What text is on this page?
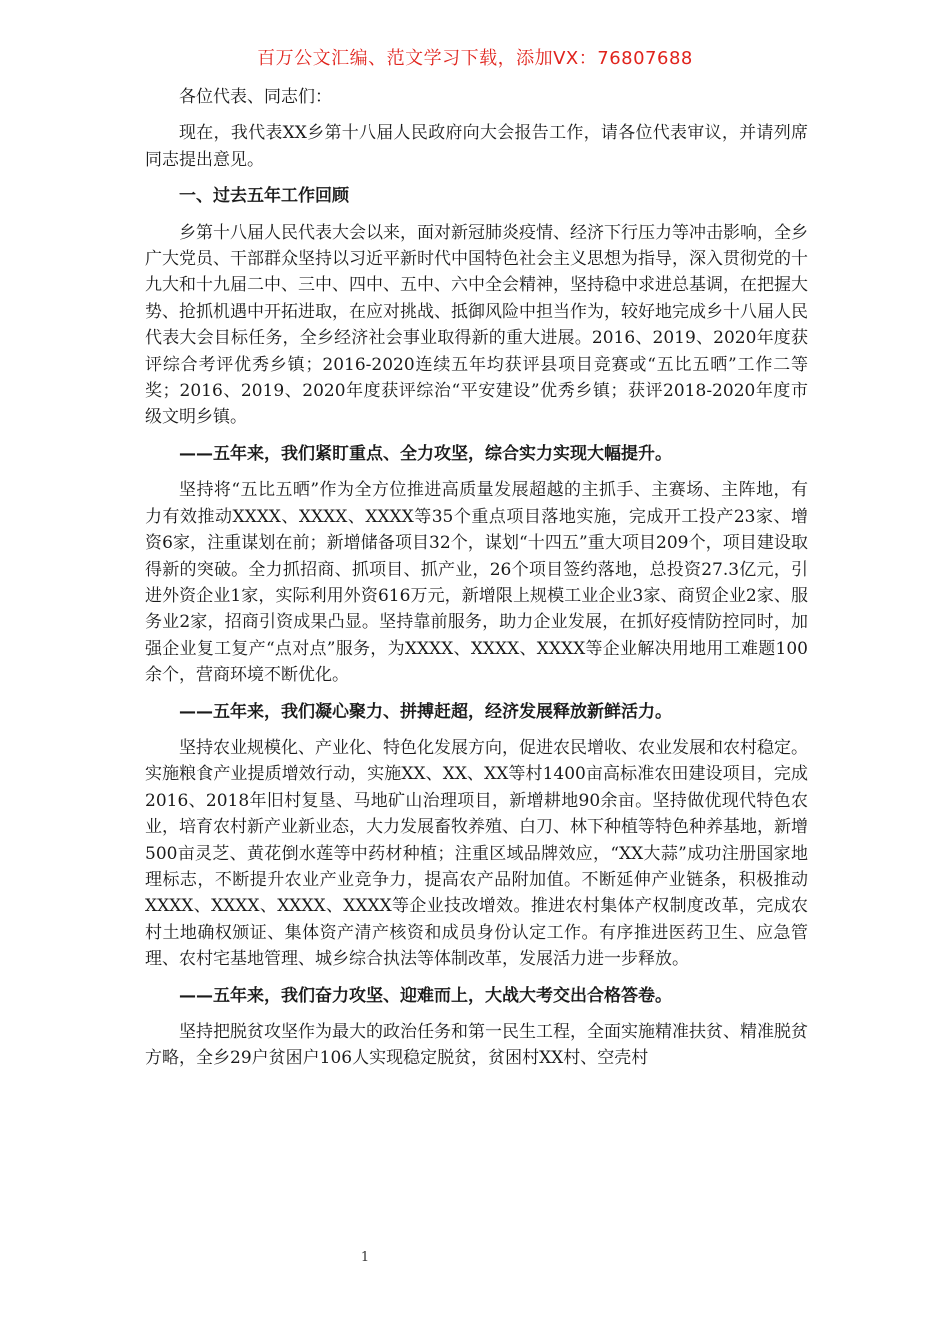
百万公文汇编、范文学习下载，添加VX：76807688

各位代表、同志们：

现在，我代表XX乡第十八届人民政府向大会报告工作，请各位代表审议，并请列席同志提出意见。

一、过去五年工作回顾

乡第十八届人民代表大会以来，面对新冠肺炎疫情、经济下行压力等冲击影响，全乡广大党员、干部群众坚持以习近平新时代中国特色社会主义思想为指导，深入贯彻党的十九大和十九届二中、三中、四中、五中、六中全会精神，坚持稳中求进总基调，在把握大势、抢抓机遇中开拓进取，在应对挑战、抵御风险中担当作为，较好地完成乡十八届人民代表大会目标任务，全乡经济社会事业取得新的重大进展。2016、2019、2020年度获评综合考评优秀乡镇；2016-2020连续五年均获评县项目竞赛或“五比五晒”工作二等奖；2016、2019、2020年度获评综治“平安建设”优秀乡镇；获评2018-2020年度市级文明乡镇。

——五年来，我们紧盯重点、全力攻坚，综合实力实现大幅提升。

坚持将“五比五晒”作为全方位推进高质量发展超越的主抓手、主赛场、主阵地，有力有效推动XXXX、XXXX、XXXX等35个重点项目落地实施，完成开工投产23家、增资6家，注重谋划在前；新增储备项目32个，谋划“十四五”重大项目209个，项目建设取得新的突破。全力抓招商、抓项目、抓产业，26个项目签约落地，总投资27.3亿元，引进外资企业1家，实际利用外资616万元，新增限上规模工业企业3家、商贸企业2家、服务业2家，招商引资成果凸显。坚持靠前服务，助力企业发展，在抓好疫情防控同时，加强企业复工复产“点对点”服务，为XXXX、XXXX、XXXX等企业解决用地用工难题100余个，营商环境不断优化。

——五年来，我们凝心聚力、拼搏赶超，经济发展释放新鲜活力。

坚持农业规模化、产业化、特色化发展方向，促进农民增收、农业发展和农村稳定。实施粮食产业提质增效行动，实施XX、XX、XX等村1400亩高标准农田建设项目，完成2016、2018年旧村复垦、马地矿山治理项目，新增耕地90余亩。坚持做优现代特色农业，培育农村新产业新业态，大力发展畜牧养殖、白刀、林下种植等特色种养基地，新增500亩灵芝、黄花倒水莲等中药材种植；注重区域品牌效应，“XX大蒜”成功注册国家地理标志，不断提升农业产业竞争力，提高农产品附加值。不断延伸产业链条，积极推动XXXX、XXXX、XXXX、XXXX等企业技改增效。推进农村集体产权制度改革，完成农村土地确权颁证、集体资产清产核资和成员身份认定工作。有序推进医药卫生、应急管理、农村宅基地管理、城乡综合执法等体制改革，发展活力进一步释放。

——五年来，我们奋力攻坚、迎难而上，大战大考交出合格答卷。

坚持把脱贫攻坚作为最大的政治任务和第一民生工程，全面实施精准扶贫、精准脱贫方略，全乡29户贫困户106人实现稳定脱贫，贫困村XX村、空壳村

1
